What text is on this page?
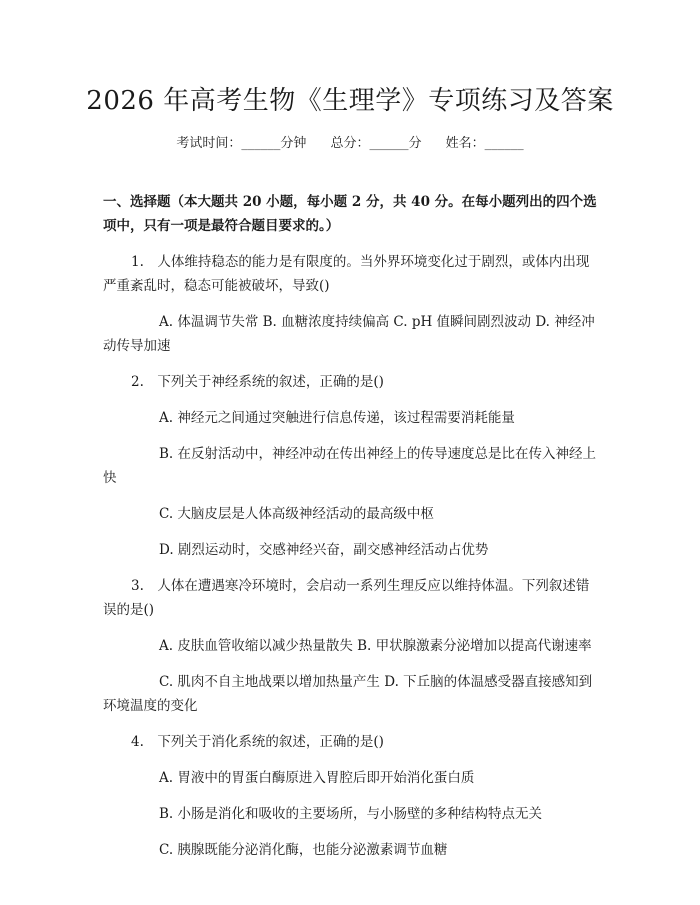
2026 年高考生物《生理学》专项练习及答案
考试时间：______分钟 总分：______分 姓名：______

一、选择题（本大题共 20 小题，每小题 2 分，共 40 分。在每小题列出的四个选项中，只有一项是最符合题目要求的。）

1.　人体维持稳态的能力是有限度的。当外界环境变化过于剧烈，或体内出现严重紊乱时，稳态可能被破坏，导致()

A. 体温调节失常 B. 血糖浓度持续偏高 C. pH 值瞬间剧烈波动 D. 神经冲动传导加速

2.　下列关于神经系统的叙述，正确的是()

A. 神经元之间通过突触进行信息传递，该过程需要消耗能量

B. 在反射活动中，神经冲动在传出神经上的传导速度总是比在传入神经上快

C. 大脑皮层是人体高级神经活动的最高级中枢

D. 剧烈运动时，交感神经兴奋，副交感神经活动占优势

3.　人体在遭遇寒冷环境时，会启动一系列生理反应以维持体温。下列叙述错误的是()

A. 皮肤血管收缩以减少热量散失 B. 甲状腺激素分泌增加以提高代谢速率

C. 肌肉不自主地战栗以增加热量产生 D. 下丘脑的体温感受器直接感知到环境温度的变化

4.　下列关于消化系统的叙述，正确的是()

A. 胃液中的胃蛋白酶原进入胃腔后即开始消化蛋白质

B. 小肠是消化和吸收的主要场所，与小肠壁的多种结构特点无关

C. 胰腺既能分泌消化酶，也能分泌激素调节血糖
